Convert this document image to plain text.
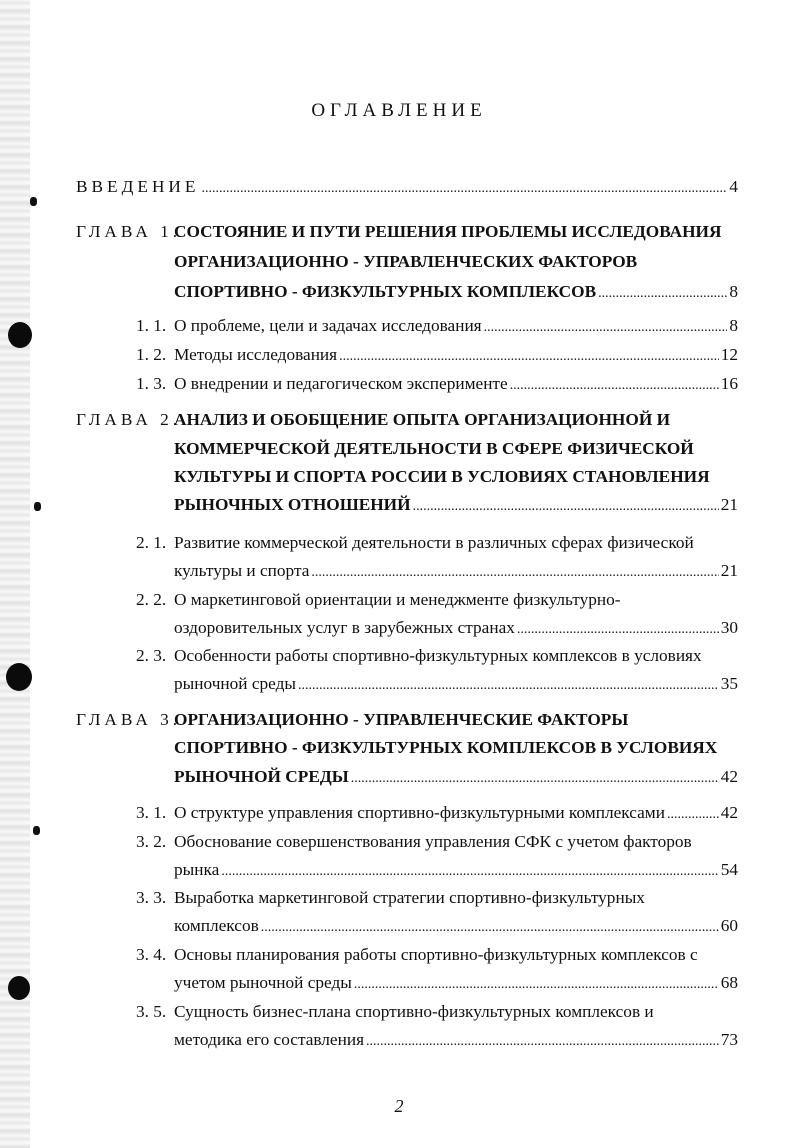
ОГЛАВЛЕНИЕ
ВВЕДЕНИЕ .....	4
ГЛАВА 1.
СОСТОЯНИЕ И ПУТИ РЕШЕНИЯ ПРОБЛЕМЫ ИССЛЕДОВАНИЯ
ОРГАНИЗАЦИОННО - УПРАВЛЕНЧЕСКИХ ФАКТОРОВ
СПОРТИВНО - ФИЗКУЛЬТУРНЫХ КОМПЛЕКСОВ .....	8
1. 1. О проблеме, цели и задачах исследования .....	8
1. 2. Методы исследования .....	12
1. 3. О внедрении и педагогическом эксперименте .....	16
ГЛАВА 2.
АНАЛИЗ И ОБОБЩЕНИЕ ОПЫТА ОРГАНИЗАЦИОННОЙ И
КОММЕРЧЕСКОЙ ДЕЯТЕЛЬНОСТИ В СФЕРЕ ФИЗИЧЕСКОЙ
КУЛЬТУРЫ И СПОРТА РОССИИ В УСЛОВИЯХ СТАНОВЛЕНИЯ
РЫНОЧНЫХ ОТНОШЕНИЙ .....	21
2. 1. Развитие коммерческой деятельности в различных сферах физической
культуры и спорта .....	21
2. 2. О маркетинговой ориентации и менеджменте физкультурно-
оздоровительных услуг в зарубежных странах .....	30
2. 3. Особенности работы спортивно-физкультурных комплексов в условиях
рыночной среды .....	35
ГЛАВА 3.
ОРГАНИЗАЦИОННО - УПРАВЛЕНЧЕСКИЕ ФАКТОРЫ
СПОРТИВНО - ФИЗКУЛЬТУРНЫХ КОМПЛЕКСОВ В УСЛОВИЯХ
РЫНОЧНОЙ СРЕДЫ .....	42
3. 1. О структуре управления спортивно-физкультурными комплексами .....	42
3. 2. Обоснование совершенствования управления СФК с учетом факторов
рынка .....	54
3. 3. Выработка маркетинговой стратегии спортивно-физкультурных
комплексов .....	60
3. 4. Основы планирования работы спортивно-физкультурных комплексов с
учетом рыночной среды .....	68
3. 5. Сущность бизнес-плана спортивно-физкультурных комплексов и
методика его составления .....	73
2
